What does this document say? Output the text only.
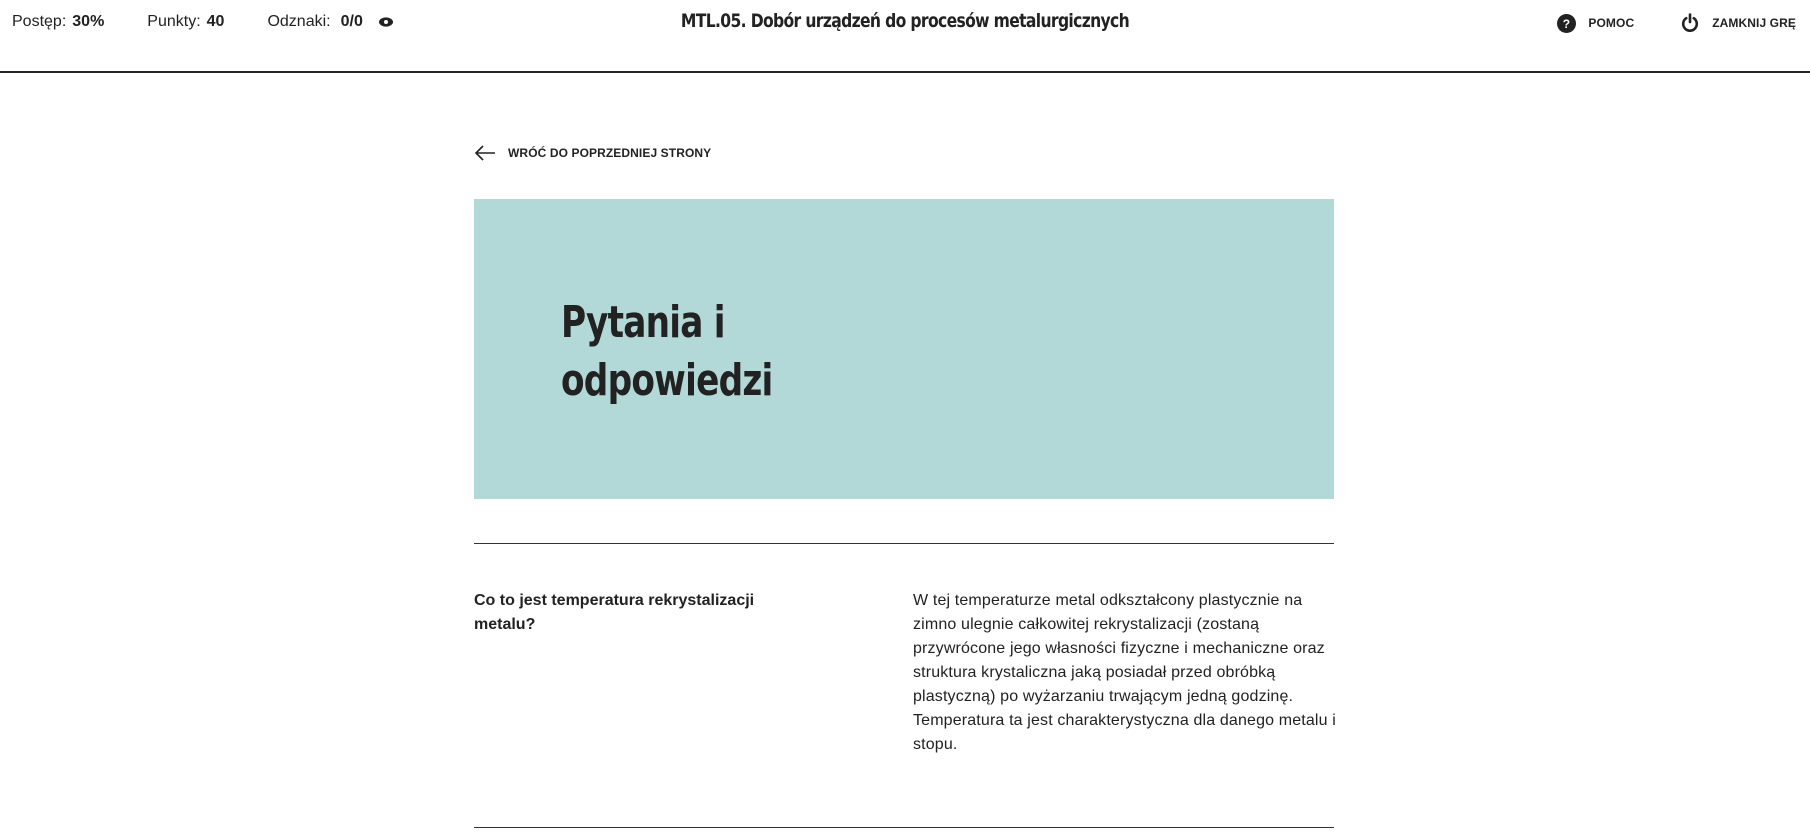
Postęp: 30%	Punkty: 40	Odznaki: 0/0	MTL.05. Dobór urządzeń do procesów metalurgicznych	? POMOC	ZAMKNIJ GRĘ
WRÓĆ DO POPRZEDNIEJ STRONY
Pytania i
odpowiedzi
Co to jest temperatura rekrystalizacji metalu?
W tej temperaturze metal odkształcony plastycznie na zimno ulegnie całkowitej rekrystalizacji (zostaną przywrócone jego własności fizyczne i mechaniczne oraz struktura krystaliczna jaką posiadał przed obróbką plastyczną) po wyżarzaniu trwającym jedną godzinę. Temperatura ta jest charakterystyczna dla danego metalu i stopu.
